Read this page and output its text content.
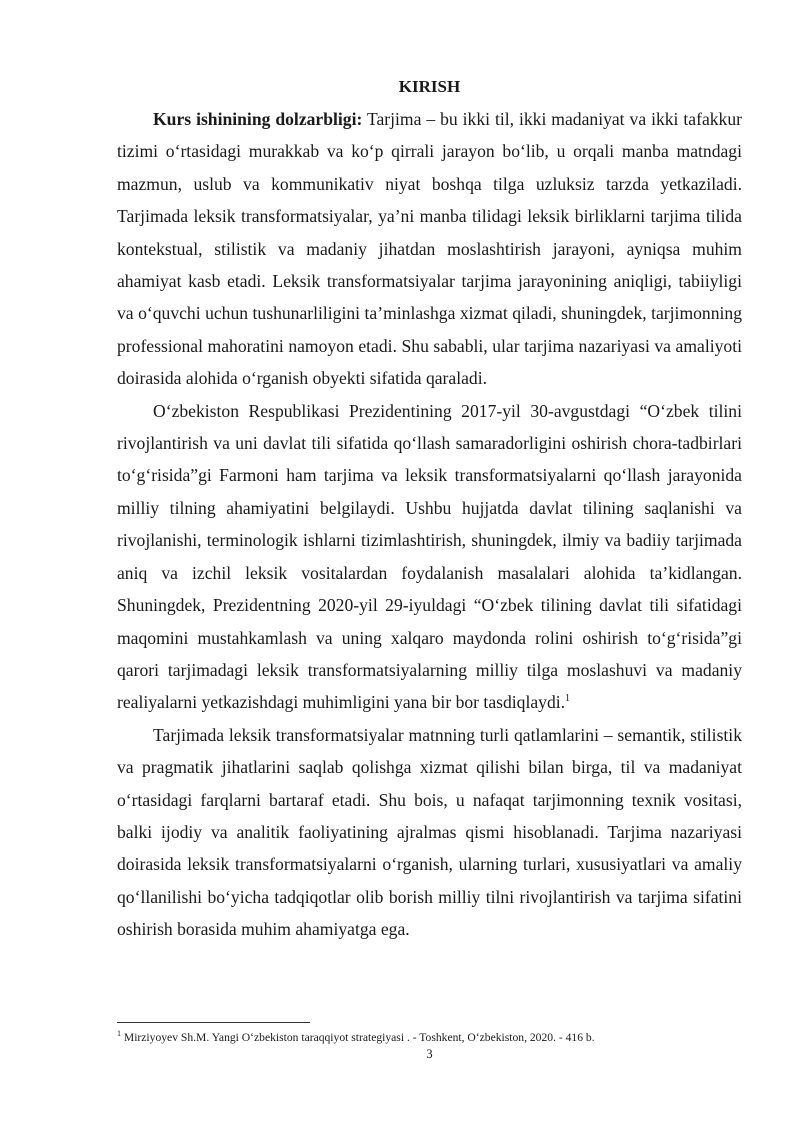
KIRISH

Kurs ishinining dolzarbligi: Tarjima – bu ikki til, ikki madaniyat va ikki tafakkur tizimi oʻrtasidagi murakkab va koʻp qirrali jarayon boʻlib, u orqali manba matndagi mazmun, uslub va kommunikativ niyat boshqa tilga uzluksiz tarzda yetkaziladi. Tarjimada leksik transformatsiyalar, ya’ni manba tilidagi leksik birliklarni tarjima tilida kontekstual, stilistik va madaniy jihatdan moslashtirish jarayoni, ayniqsa muhim ahamiyat kasb etadi. Leksik transformatsiyalar tarjima jarayonining aniqligi, tabiiyligi va oʻquvchi uchun tushunarliligini ta’minlashga xizmat qiladi, shuningdek, tarjimonning professional mahoratini namoyon etadi. Shu sababli, ular tarjima nazariyasi va amaliyoti doirasida alohida oʻrganish obyekti sifatida qaraladi.

Oʻzbekiston Respublikasi Prezidentining 2017-yil 30-avgustdagi “Oʻzbek tilini rivojlantirish va uni davlat tili sifatida qoʻllash samaradorligini oshirish chora-tadbirlari toʻgʻrisida”gi Farmoni ham tarjima va leksik transformatsiyalarni qoʻllash jarayonida milliy tilning ahamiyatini belgilaydi. Ushbu hujjatda davlat tilining saqlanishi va rivojlanishi, terminologik ishlarni tizimlashtirish, shuningdek, ilmiy va badiiy tarjimada aniq va izchil leksik vositalardan foydalanish masalalari alohida ta’kidlangan. Shuningdek, Prezidentning 2020-yil 29-iyuldagi “Oʻzbek tilining davlat tili sifatidagi maqomini mustahkamlash va uning xalqaro maydonda rolini oshirish toʻgʻrisida”gi qarori tarjimadagi leksik transformatsiyalarning milliy tilga moslashuvi va madaniy realiyalarni yetkazishdagi muhimligini yana bir bor tasdiqlaydi.$^1$

Tarjimada leksik transformatsiyalar matnning turli qatlamlarini – semantik, stilistik va pragmatik jihatlarini saqlab qolishga xizmat qilishi bilan birga, til va madaniyat oʻrtasidagi farqlarni bartaraf etadi. Shu bois, u nafaqat tarjimonning texnik vositasi, balki ijodiy va analitik faoliyatining ajralmas qismi hisoblanadi. Tarjima nazariyasi doirasida leksik transformatsiyalarni oʻrganish, ularning turlari, xususiyatlari va amaliy qoʻllanilishi boʻyicha tadqiqotlar olib borish milliy tilni rivojlantirish va tarjima sifatini oshirish borasida muhim ahamiyatga ega.

$^1$ Mirziyoyev Sh.M. Yangi Oʻzbekiston taraqqiyot strategiyasi . - Toshkent, Oʻzbekiston, 2020. - 416 b.
3
